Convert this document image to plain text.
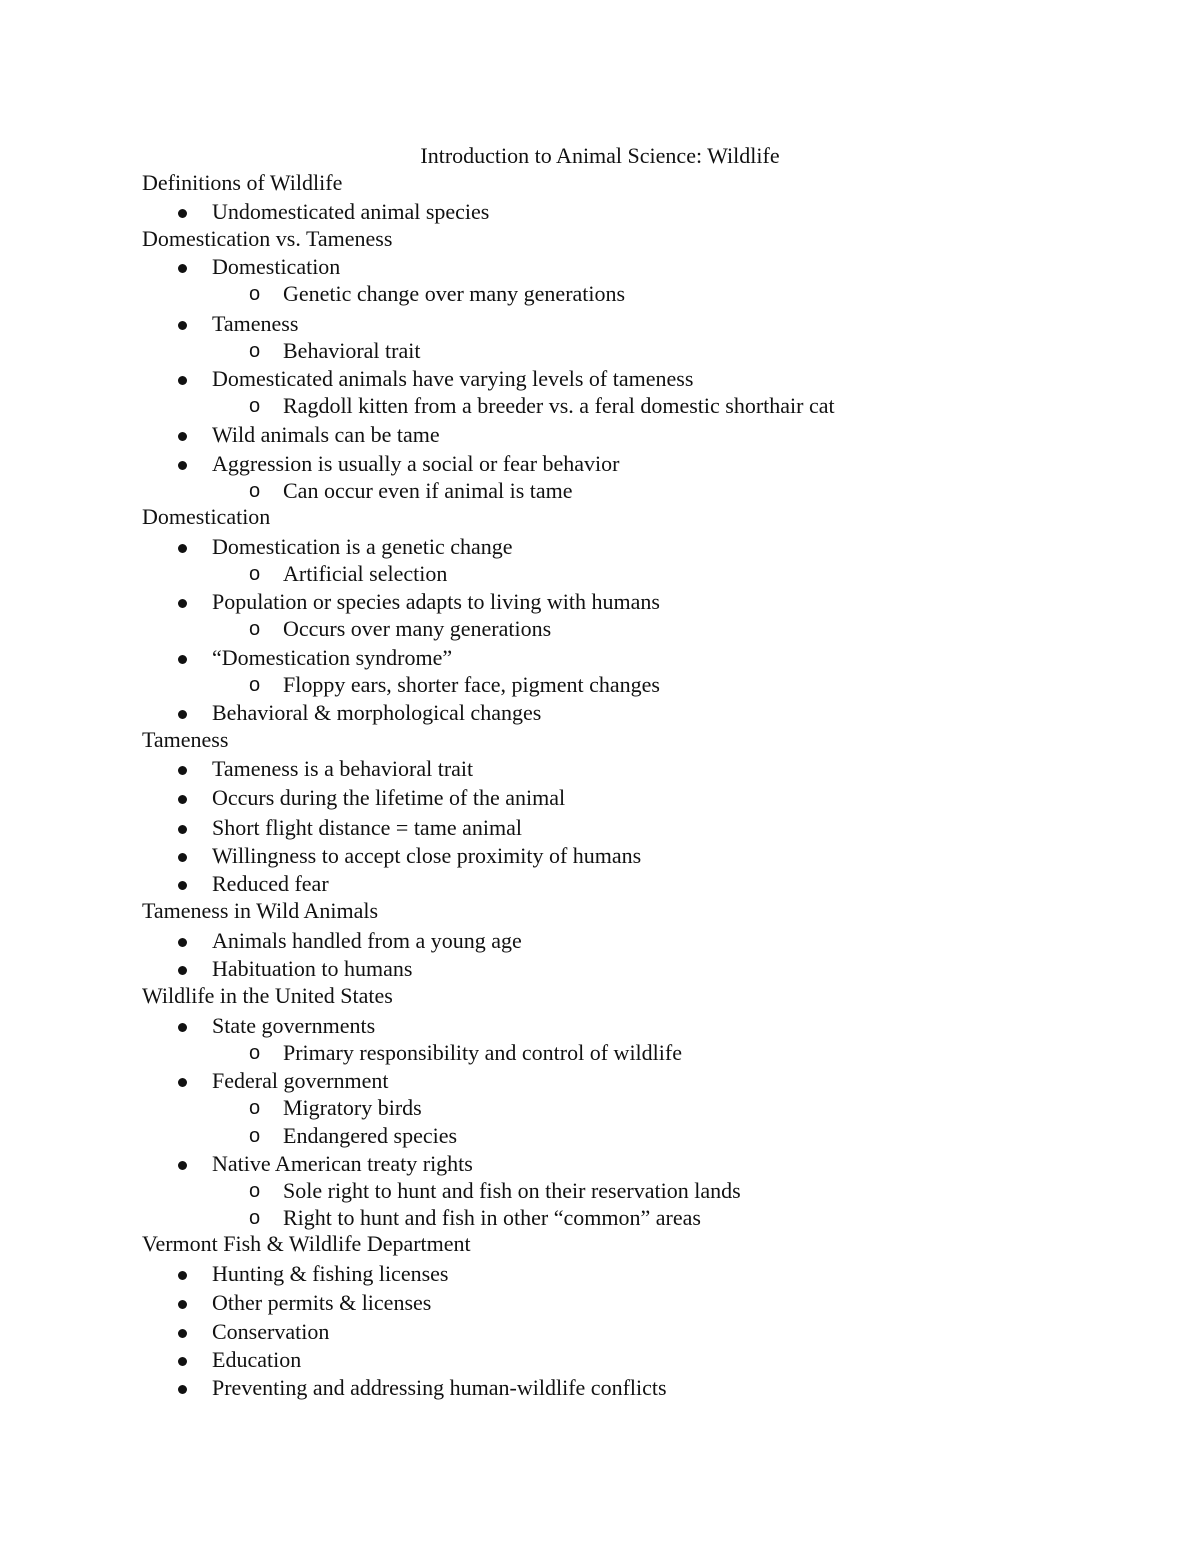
Introduction to Animal Science: Wildlife
Definitions of Wildlife
Undomesticated animal species
Domestication vs. Tameness
Domestication
o Genetic change over many generations
Tameness
o Behavioral trait
Domesticated animals have varying levels of tameness
o Ragdoll kitten from a breeder vs. a feral domestic shorthair cat
Wild animals can be tame
Aggression is usually a social or fear behavior
o Can occur even if animal is tame
Domestication
Domestication is a genetic change
o Artificial selection
Population or species adapts to living with humans
o Occurs over many generations
“Domestication syndrome”
o Floppy ears, shorter face, pigment changes
Behavioral & morphological changes
Tameness
Tameness is a behavioral trait
Occurs during the lifetime of the animal
Short flight distance = tame animal
Willingness to accept close proximity of humans
Reduced fear
Tameness in Wild Animals
Animals handled from a young age
Habituation to humans
Wildlife in the United States
State governments
o Primary responsibility and control of wildlife
Federal government
o Migratory birds
o Endangered species
Native American treaty rights
o Sole right to hunt and fish on their reservation lands
o Right to hunt and fish in other “common” areas
Vermont Fish & Wildlife Department
Hunting & fishing licenses
Other permits & licenses
Conservation
Education
Preventing and addressing human-wildlife conflicts
